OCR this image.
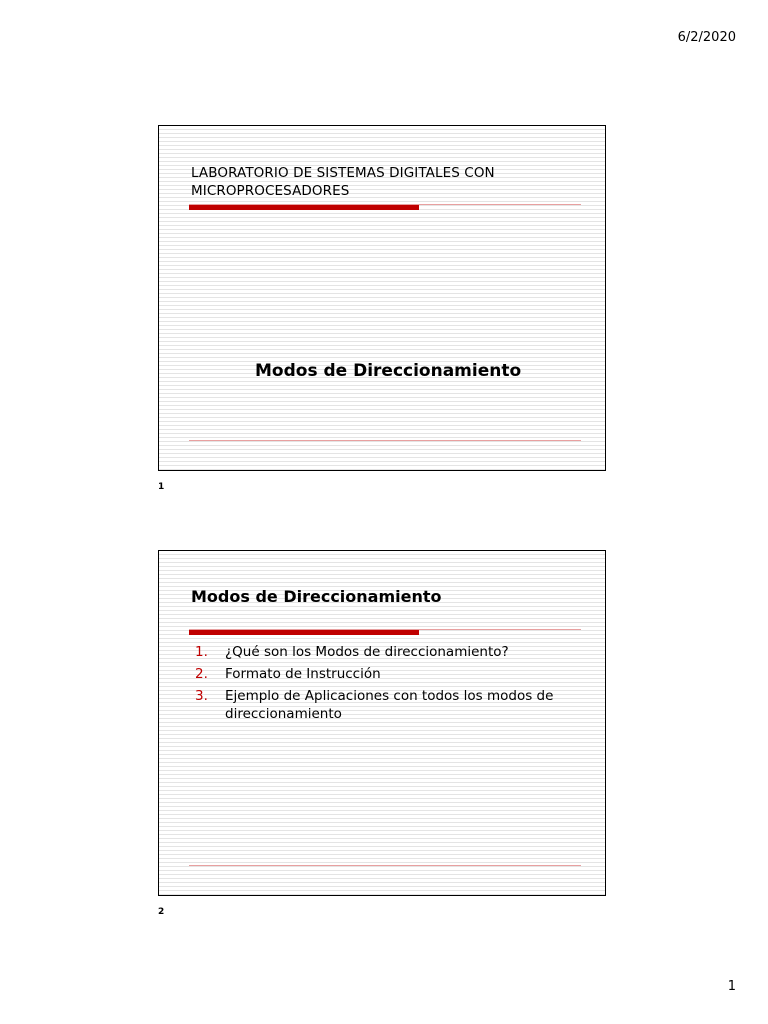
6/2/2020
LABORATORIO DE SISTEMAS DIGITALES CON MICROPROCESADORES
Modos de Direccionamiento
1
Modos de Direccionamiento
1.	¿Qué son los Modos de direccionamiento?
2.	Formato de Instrucción
3.	Ejemplo de Aplicaciones con todos los modos de direccionamiento
2
1
